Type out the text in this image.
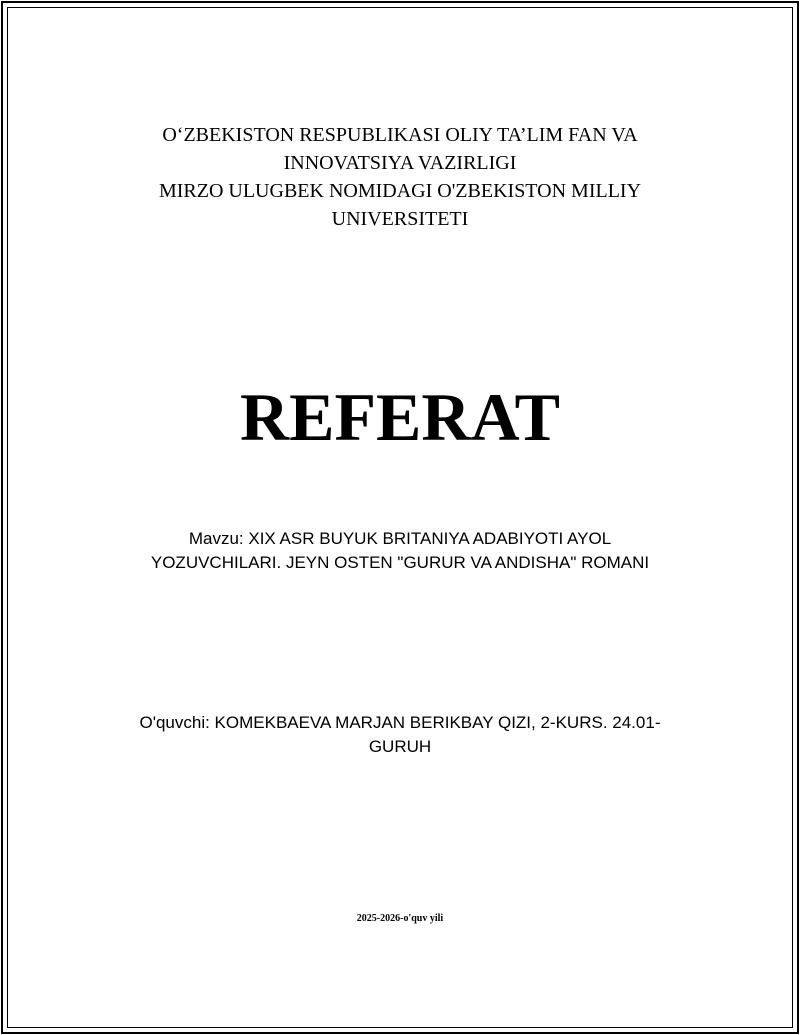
O‘ZBEKISTON RESPUBLIKASI OLIY TA’LIM FAN VA
INNOVATSIYA VAZIRLIGI
MIRZO ULUGBEK NOMIDAGI O'ZBEKISTON MILLIY
UNIVERSITETI
REFERAT
Mavzu: XIX ASR BUYUK BRITANIYA ADABIYOTI AYOL
YOZUVCHILARI. JEYN OSTEN "GURUR VA ANDISHA" ROMANI
O'quvchi: KOMEKBAEVA MARJAN BERIKBAY QIZI, 2-KURS. 24.01-
GURUH
2025-2026-o'quv yili
